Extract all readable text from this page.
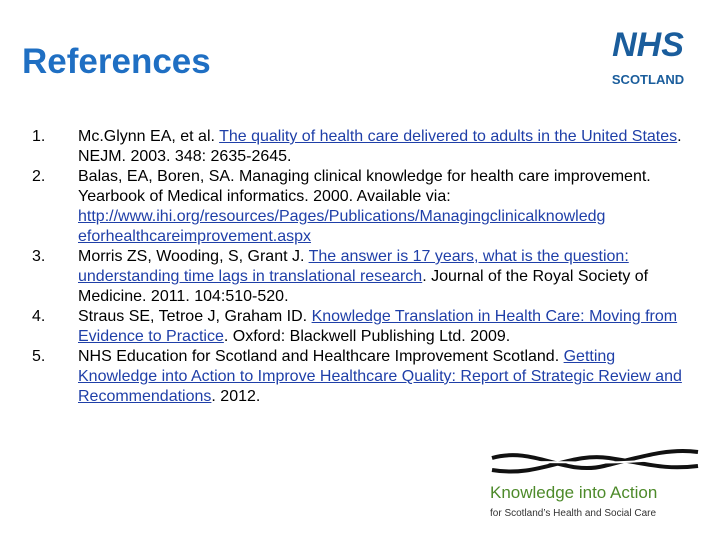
References	NHS
SCOTLAND
1.	Mc.Glynn EA, et al. The quality of health care delivered to adults in the United States. NEJM. 2003. 348: 2635-2645.
2.	Balas, EA, Boren, SA. Managing clinical knowledge for health care improvement. Yearbook of Medical informatics. 2000. Available via: http://www.ihi.org/resources/Pages/Publications/Managingclinicalknowledg eforhealthcareimprovement.aspx
3.	Morris ZS, Wooding, S, Grant J. The answer is 17 years, what is the question: understanding time lags in translational research. Journal of the Royal Society of Medicine. 2011. 104:510-520.
4.	Straus SE, Tetroe J, Graham ID. Knowledge Translation in Health Care: Moving from Evidence to Practice. Oxford: Blackwell Publishing Ltd. 2009.
5.	NHS Education for Scotland and Healthcare Improvement Scotland. Getting Knowledge into Action to Improve Healthcare Quality: Report of Strategic Review and Recommendations. 2012.
Knowledge into Action
for Scotland’s Health and Social Care
